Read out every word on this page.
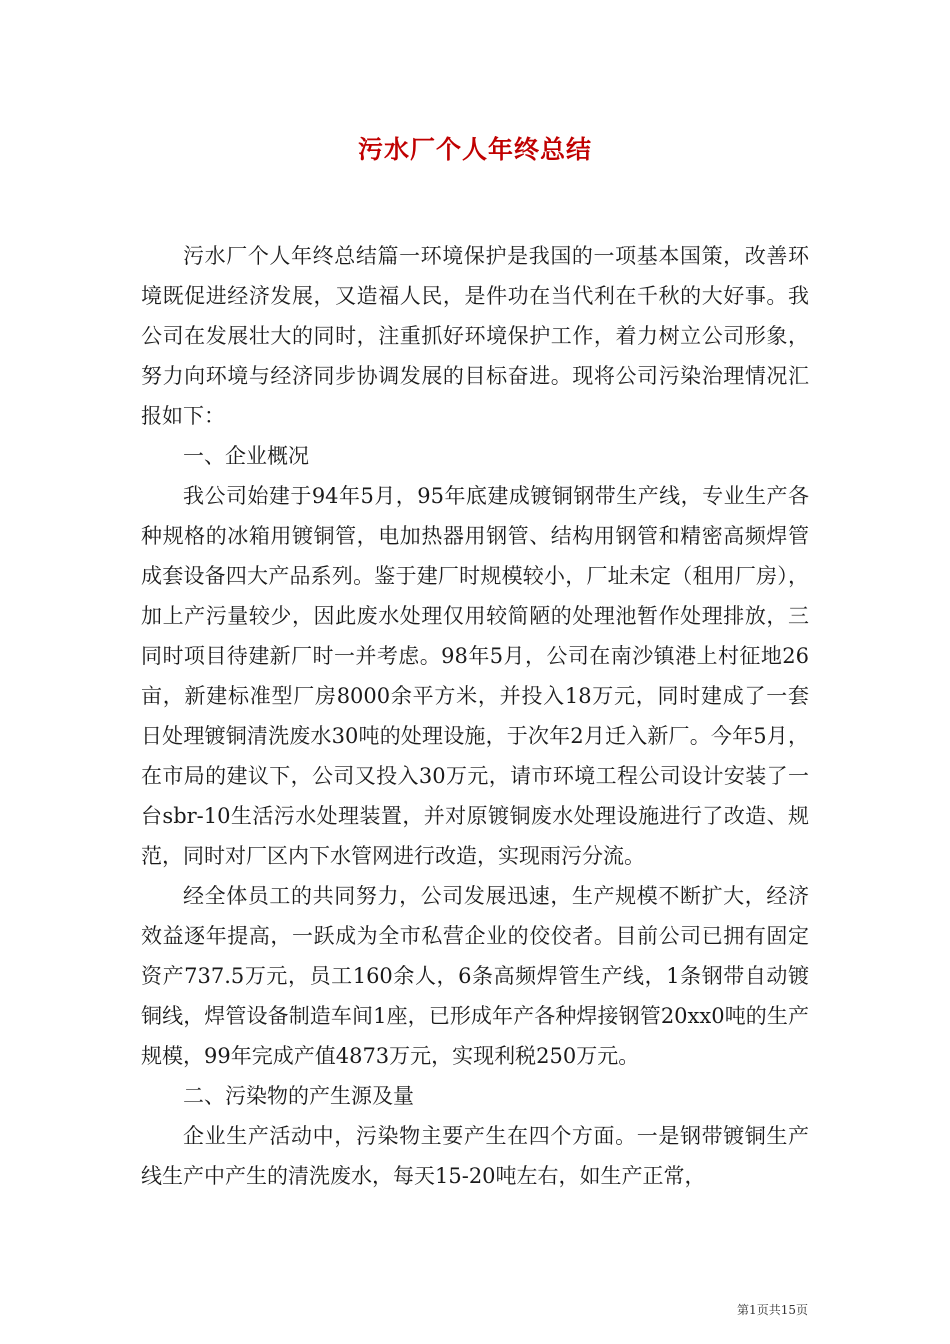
污水厂个人年终总结

污水厂个人年终总结篇一环境保护是我国的一项基本国策，改善环境既促进经济发展，又造福人民，是件功在当代利在千秋的大好事。我公司在发展壮大的同时，注重抓好环境保护工作，着力树立公司形象，努力向环境与经济同步协调发展的目标奋进。现将公司污染治理情况汇报如下：

一、企业概况

我公司始建于94年5月，95年底建成镀铜钢带生产线，专业生产各种规格的冰箱用镀铜管，电加热器用钢管、结构用钢管和精密高频焊管成套设备四大产品系列。鉴于建厂时规模较小，厂址未定（租用厂房），加上产污量较少，因此废水处理仅用较简陋的处理池暂作处理排放，三同时项目待建新厂时一并考虑。98年5月，公司在南沙镇港上村征地26亩，新建标准型厂房8000余平方米，并投入18万元，同时建成了一套日处理镀铜清洗废水30吨的处理设施，于次年2月迁入新厂。今年5月，在市局的建议下，公司又投入30万元，请市环境工程公司设计安装了一台sbr-10生活污水处理装置，并对原镀铜废水处理设施进行了改造、规范，同时对厂区内下水管网进行改造，实现雨污分流。

经全体员工的共同努力，公司发展迅速，生产规模不断扩大，经济效益逐年提高，一跃成为全市私营企业的佼佼者。目前公司已拥有固定资产737.5万元，员工160余人，6条高频焊管生产线，1条钢带自动镀铜线，焊管设备制造车间1座，已形成年产各种焊接钢管20xx0吨的生产规模，99年完成产值4873万元，实现利税250万元。

二、污染物的产生源及量

企业生产活动中，污染物主要产生在四个方面。一是钢带镀铜生产线生产中产生的清洗废水，每天15-20吨左右，如生产正常，

第1页共15页
